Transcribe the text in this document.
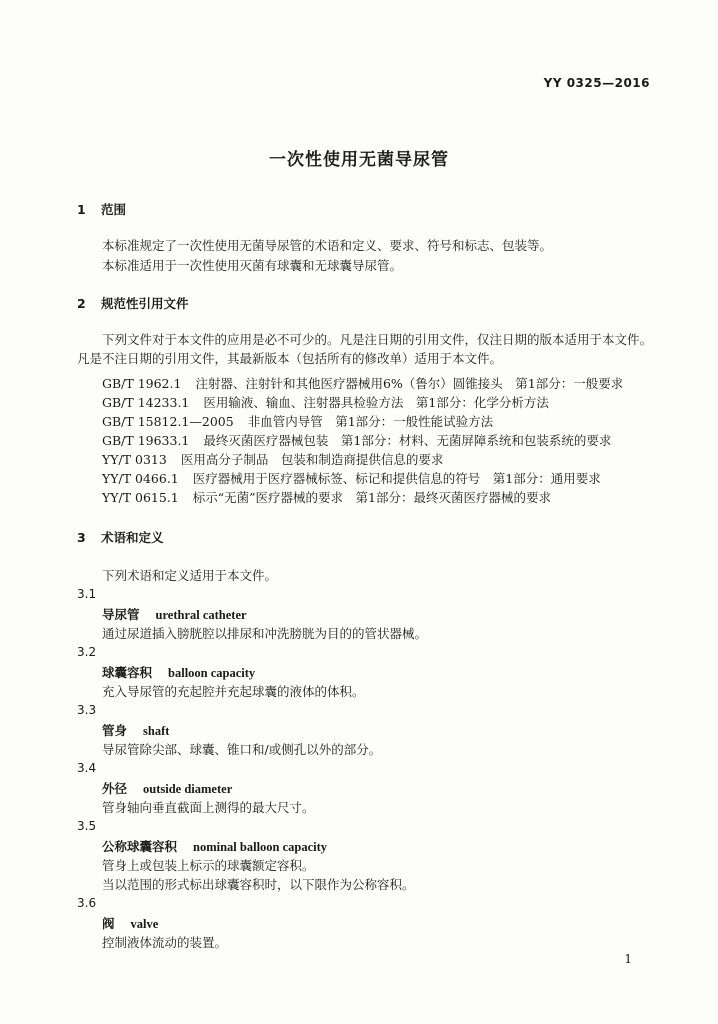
YY 0325—2016
一次性使用无菌导尿管
1 范围
本标准规定了一次性使用无菌导尿管的术语和定义、要求、符号和标志、包装等。
本标准适用于一次性使用灭菌有球囊和无球囊导尿管。
2 规范性引用文件
下列文件对于本文件的应用是必不可少的。凡是注日期的引用文件，仅注日期的版本适用于本文件。凡是不注日期的引用文件，其最新版本（包括所有的修改单）适用于本文件。
GB/T 1962.1 注射器、注射针和其他医疗器械用6%（鲁尔）圆锥接头　第1部分：一般要求
GB/T 14233.1 医用输液、输血、注射器具检验方法　第1部分：化学分析方法
GB/T 15812.1—2005 非血管内导管　第1部分：一般性能试验方法
GB/T 19633.1 最终灭菌医疗器械包装　第1部分：材料、无菌屏障系统和包装系统的要求
YY/T 0313 医用高分子制品　包装和制造商提供信息的要求
YY/T 0466.1 医疗器械用于医疗器械标签、标记和提供信息的符号　第1部分：通用要求
YY/T 0615.1 标示“无菌”医疗器械的要求　第1部分：最终灭菌医疗器械的要求
3 术语和定义
下列术语和定义适用于本文件。
3.1
导尿管 urethral catheter
通过尿道插入膀胱腔以排尿和冲洗膀胱为目的的管状器械。
3.2
球囊容积 balloon capacity
充入导尿管的充起腔并充起球囊的液体的体积。
3.3
管身 shaft
导尿管除尖部、球囊、锥口和/或侧孔以外的部分。
3.4
外径 outside diameter
管身轴向垂直截面上测得的最大尺寸。
3.5
公称球囊容积 nominal balloon capacity
管身上或包装上标示的球囊额定容积。
当以范围的形式标出球囊容积时，以下限作为公称容积。
3.6
阀 valve
控制液体流动的装置。
1
